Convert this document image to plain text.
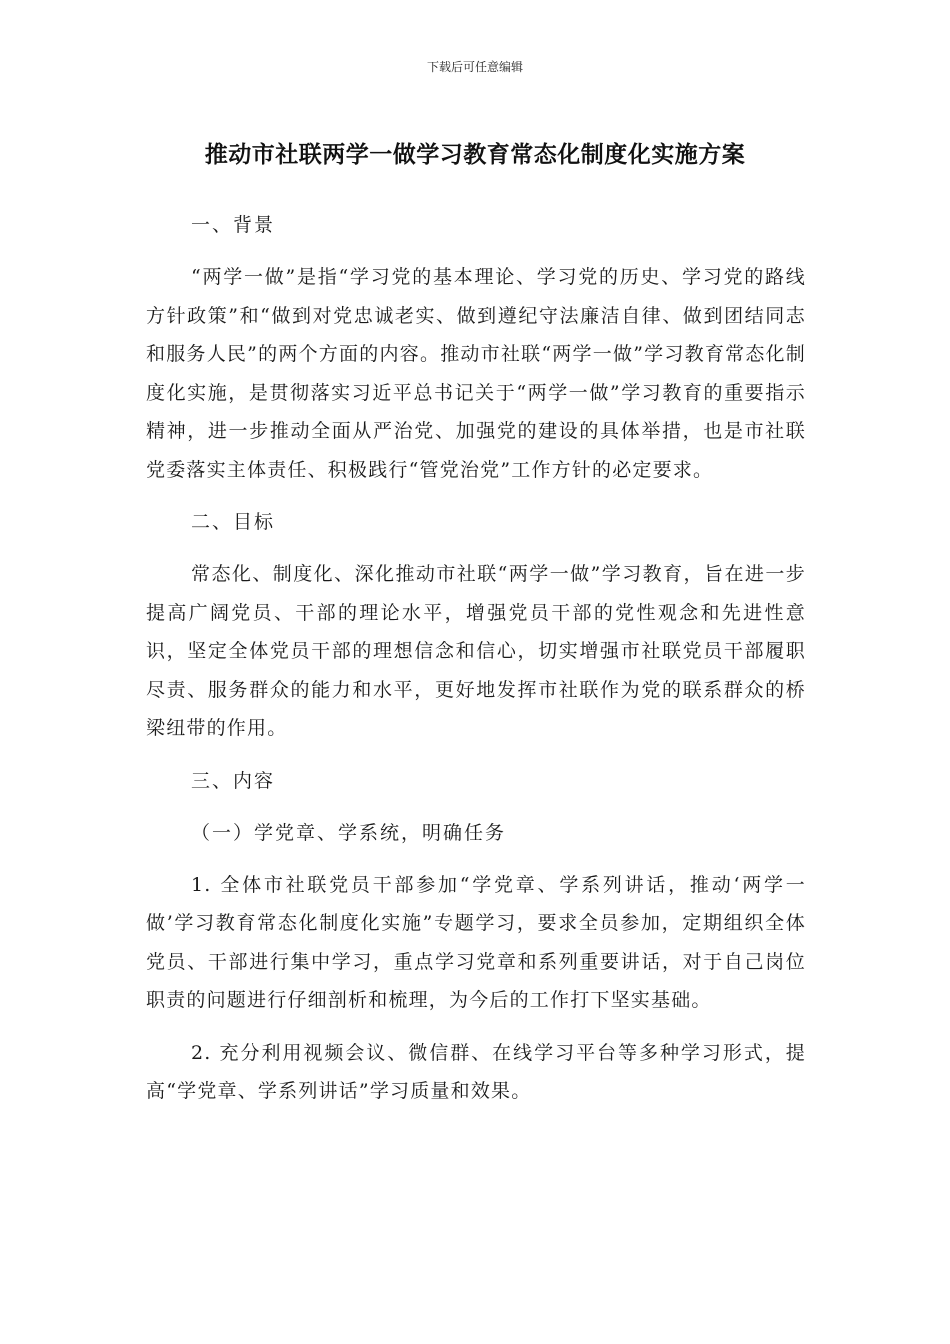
下载后可任意编辑
推动市社联两学一做学习教育常态化制度化实施方案
一、背景

“两学一做”是指“学习党的基本理论、学习党的历史、学习党的路线方针政策”和“做到对党忠诚老实、做到遵纪守法廉洁自律、做到团结同志和服务人民”的两个方面的内容。推动市社联“两学一做”学习教育常态化制度化实施，是贯彻落实习近平总书记关于“两学一做”学习教育的重要指示精神，进一步推动全面从严治党、加强党的建设的具体举措，也是市社联党委落实主体责任、积极践行“管党治党”工作方针的必定要求。

二、目标

常态化、制度化、深化推动市社联“两学一做”学习教育，旨在进一步提高广阔党员、干部的理论水平，增强党员干部的党性观念和先进性意识，坚定全体党员干部的理想信念和信心，切实增强市社联党员干部履职尽责、服务群众的能力和水平，更好地发挥市社联作为党的联系群众的桥梁纽带的作用。

三、内容
（一）学党章、学系统，明确任务

1. 全体市社联党员干部参加“学党章、学系列讲话，推动‘两学一做’学习教育常态化制度化实施”专题学习，要求全员参加，定期组织全体党员、干部进行集中学习，重点学习党章和系列重要讲话，对于自己岗位职责的问题进行仔细剖析和梳理，为今后的工作打下坚实基础。

2. 充分利用视频会议、微信群、在线学习平台等多种学习形式，提高“学党章、学系列讲话”学习质量和效果。
